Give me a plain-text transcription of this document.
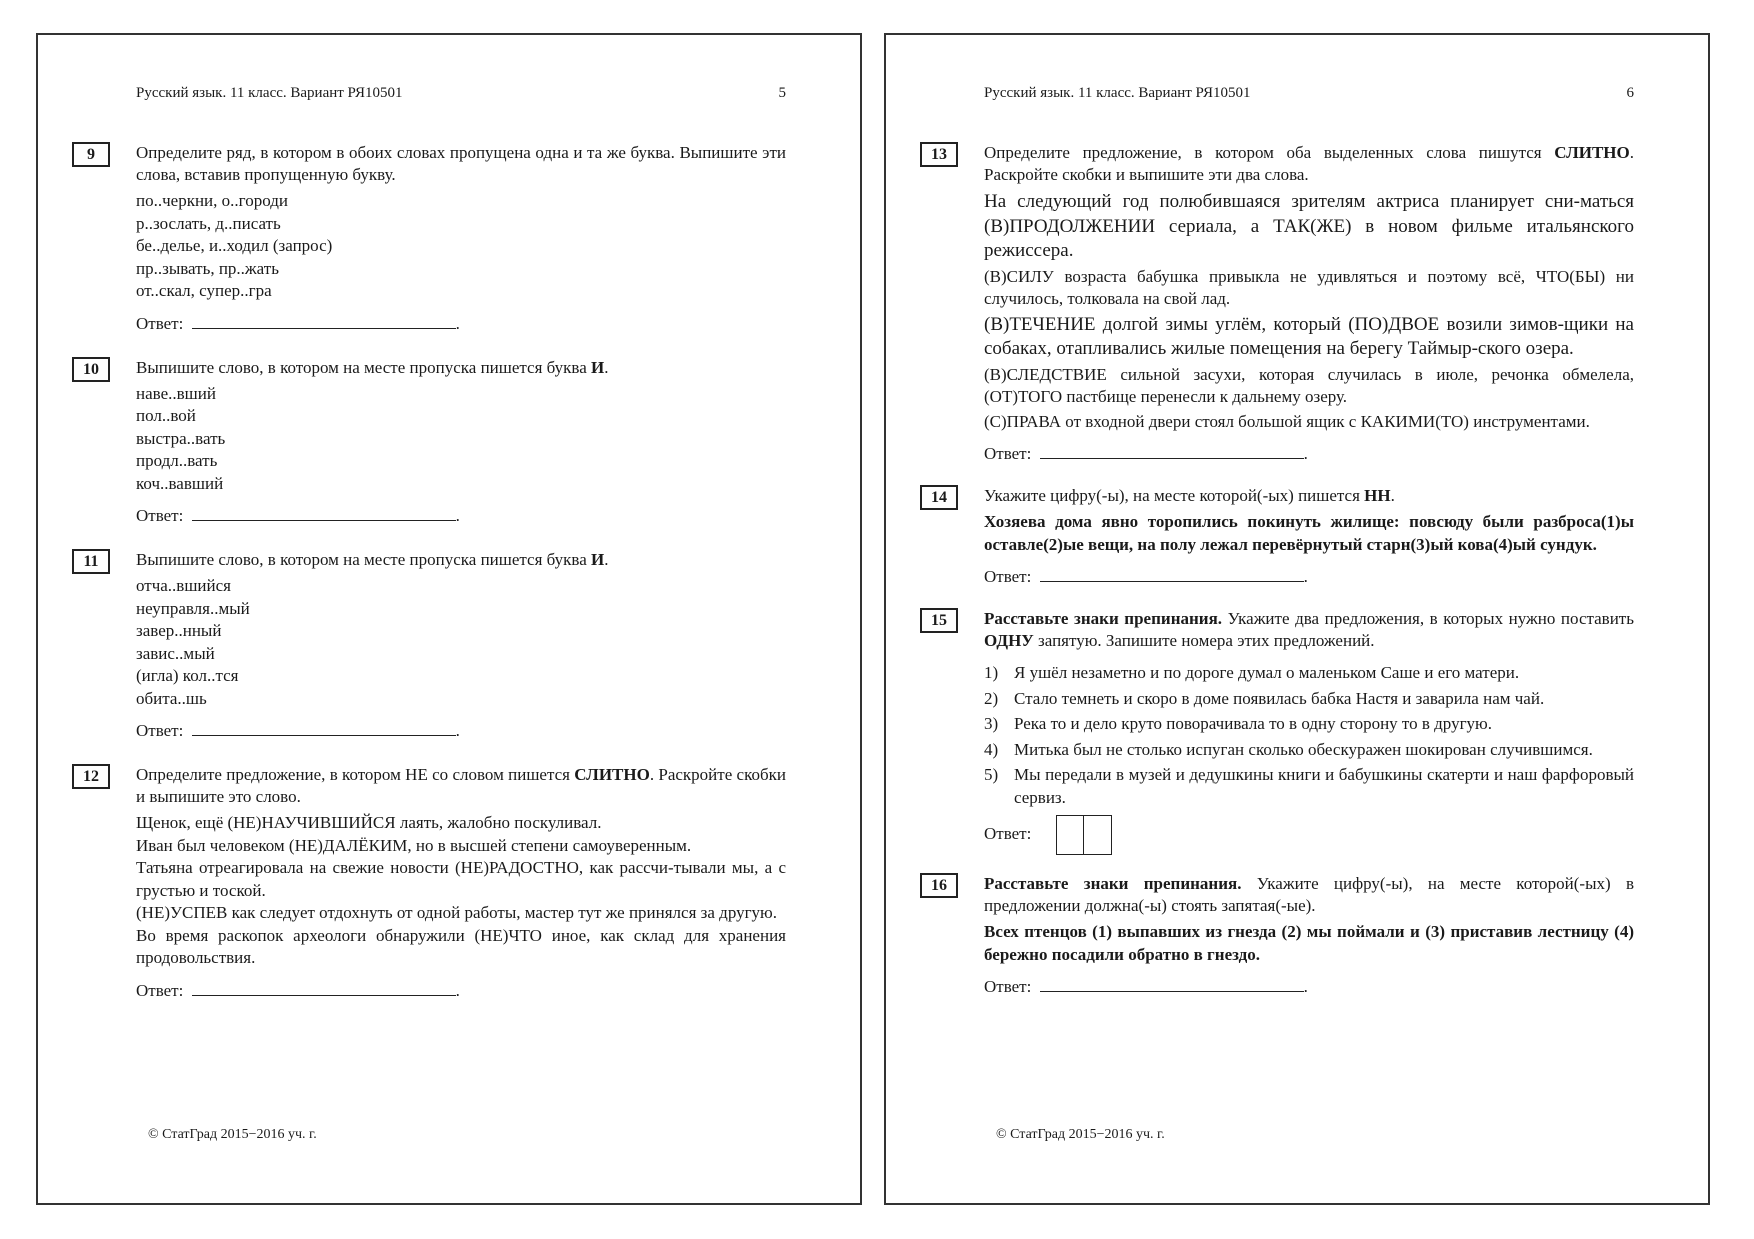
Русский язык. 11 класс. Вариант РЯ10501	5
9	Определите ряд, в котором в обоих словах пропущена одна и та же буква. Выпишите эти слова, вставив пропущенную букву.

по..черкни, о..городи
р..зослать, д..писать
бе..делье, и..ходил (запрос)
пр..зывать, пр..жать
от..скал, супер..гра
Ответ:	.
10	Выпишите слово, в котором на месте пропуска пишется буква И.

наве..вший
пол..вой
выстра..вать
продл..вать
коч..вавший
Ответ:	.
11	Выпишите слово, в котором на месте пропуска пишется буква И.

отча..вшийся
неуправля..мый
завер..нный
завис..мый
(игла) кол..тся
обита..шь
Ответ:	.
12	Определите предложение, в котором НЕ со словом пишется СЛИТНО. Раскройте скобки и выпишите это слово.

Щенок, ещё (НЕ)НАУЧИВШИЙСЯ лаять, жалобно поскуливал.
Иван был человеком (НЕ)ДАЛЁКИМ, но в высшей степени самоуверенным.
Татьяна отреагировала на свежие новости (НЕ)РАДОСТНО, как рассчи-тывали мы, а с грустью и тоской.
(НЕ)УСПЕВ как следует отдохнуть от одной работы, мастер тут же принялся за другую.
Во время раскопок археологи обнаружили (НЕ)ЧТО иное, как склад для хранения продовольствия.
Ответ:	.
© СтатГрад 2015−2016 уч. г.
Русский язык. 11 класс. Вариант РЯ10501	6
13	Определите предложение, в котором оба выделенных слова пишутся СЛИТНО. Раскройте скобки и выпишите эти два слова.

На следующий год полюбившаяся зрителям актриса планирует сни-маться (В)ПРОДОЛЖЕНИИ сериала, а ТАК(ЖЕ) в новом фильме итальянского режиссера.
(В)СИЛУ возраста бабушка привыкла не удивляться и поэтому всё, ЧТО(БЫ) ни случилось, толковала на свой лад.
(В)ТЕЧЕНИЕ долгой зимы углём, который (ПО)ДВОЕ возили зимов-щики на собаках, отапливались жилые помещения на берегу Таймыр-ского озера.
(В)СЛЕДСТВИЕ сильной засухи, которая случилась в июле, речонка обмелела, (ОТ)ТОГО пастбище перенесли к дальнему озеру.
(С)ПРАВА от входной двери стоял большой ящик с КАКИМИ(ТО) инструментами.
Ответ:	.
14	Укажите цифру(-ы), на месте которой(-ых) пишется НН.

Хозяева дома явно торопились покинуть жилище: повсюду были разброса(1)ы оставле(2)ые вещи, на полу лежал перевёрнутый старн(3)ый кова(4)ый сундук.
Ответ:	.
15	Расставьте знаки препинания. Укажите два предложения, в которых нужно поставить ОДНУ запятую. Запишите номера этих предложений.

1) Я ушёл незаметно и по дороге думал о маленьком Саше и его матери.
2) Стало темнеть и скоро в доме появилась бабка Настя и заварила нам чай.
3) Река то и дело круто поворачивала то в одну сторону то в другую.
4) Митька был не столько испуган сколько обескуражен шокирован случившимся.
5) Мы передали в музей и дедушкины книги и бабушкины скатерти и наш фарфоровый сервиз.
Ответ:
16	Расставьте знаки препинания. Укажите цифру(-ы), на месте которой(-ых) в предложении должна(-ы) стоять запятая(-ые).

Всех птенцов (1) выпавших из гнезда (2) мы поймали и (3) приставив лестницу (4) бережно посадили обратно в гнездо.
Ответ:	.
© СтатГрад 2015−2016 уч. г.
